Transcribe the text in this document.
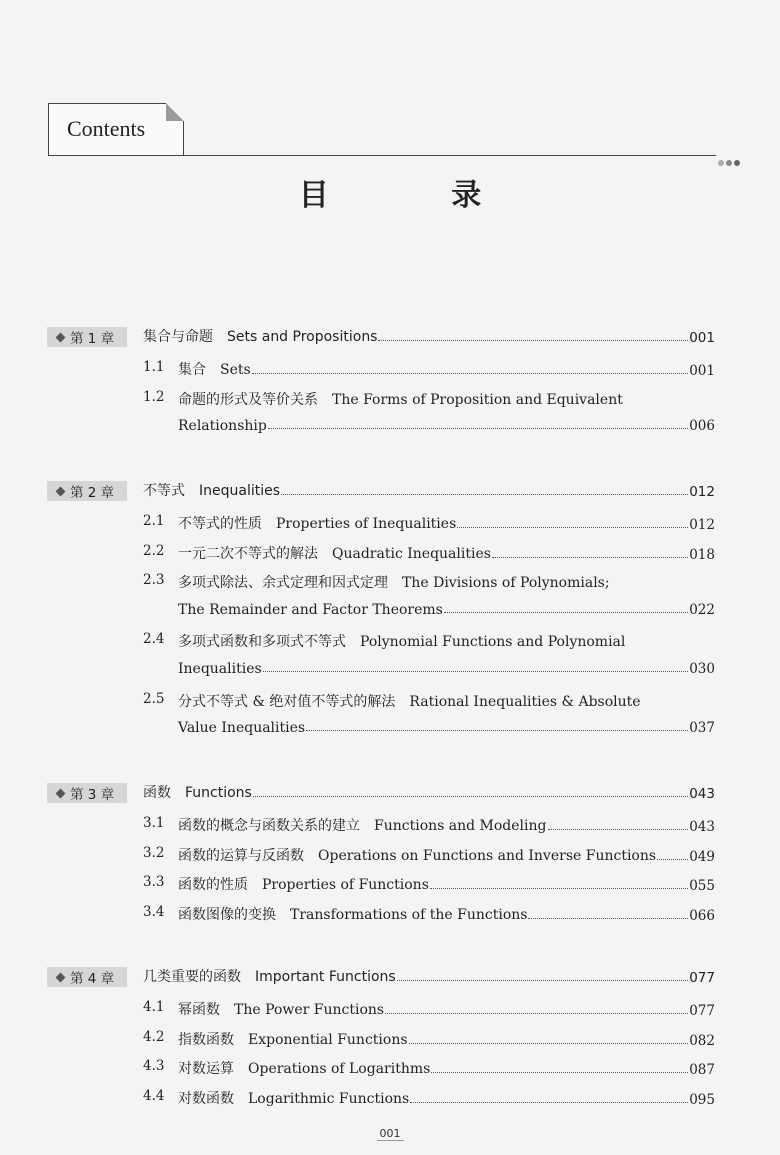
Contents
目 录
第 1 章 集合与命题 Sets and Propositions	001
1.1 集合 Sets	001
1.2 命题的形式及等价关系 The Forms of Proposition and Equivalent
Relationship	006
第 2 章 不等式 Inequalities	012
2.1 不等式的性质 Properties of Inequalities	012
2.2 一元二次不等式的解法 Quadratic Inequalities	018
2.3 多项式除法、余式定理和因式定理 The Divisions of Polynomials;
The Remainder and Factor Theorems	022
2.4 多项式函数和多项式不等式 Polynomial Functions and Polynomial
Inequalities	030
2.5 分式不等式 & 绝对值不等式的解法 Rational Inequalities & Absolute
Value Inequalities	037
第 3 章 函数 Functions	043
3.1 函数的概念与函数关系的建立 Functions and Modeling	043
3.2 函数的运算与反函数 Operations on Functions and Inverse Functions 049
3.3 函数的性质 Properties of Functions	055
3.4 函数图像的变换 Transformations of the Functions	066
第 4 章 几类重要的函数 Important Functions	077
4.1 幂函数 The Power Functions	077
4.2 指数函数 Exponential Functions	082
4.3 对数运算 Operations of Logarithms	087
4.4 对数函数 Logarithmic Functions	095
001
